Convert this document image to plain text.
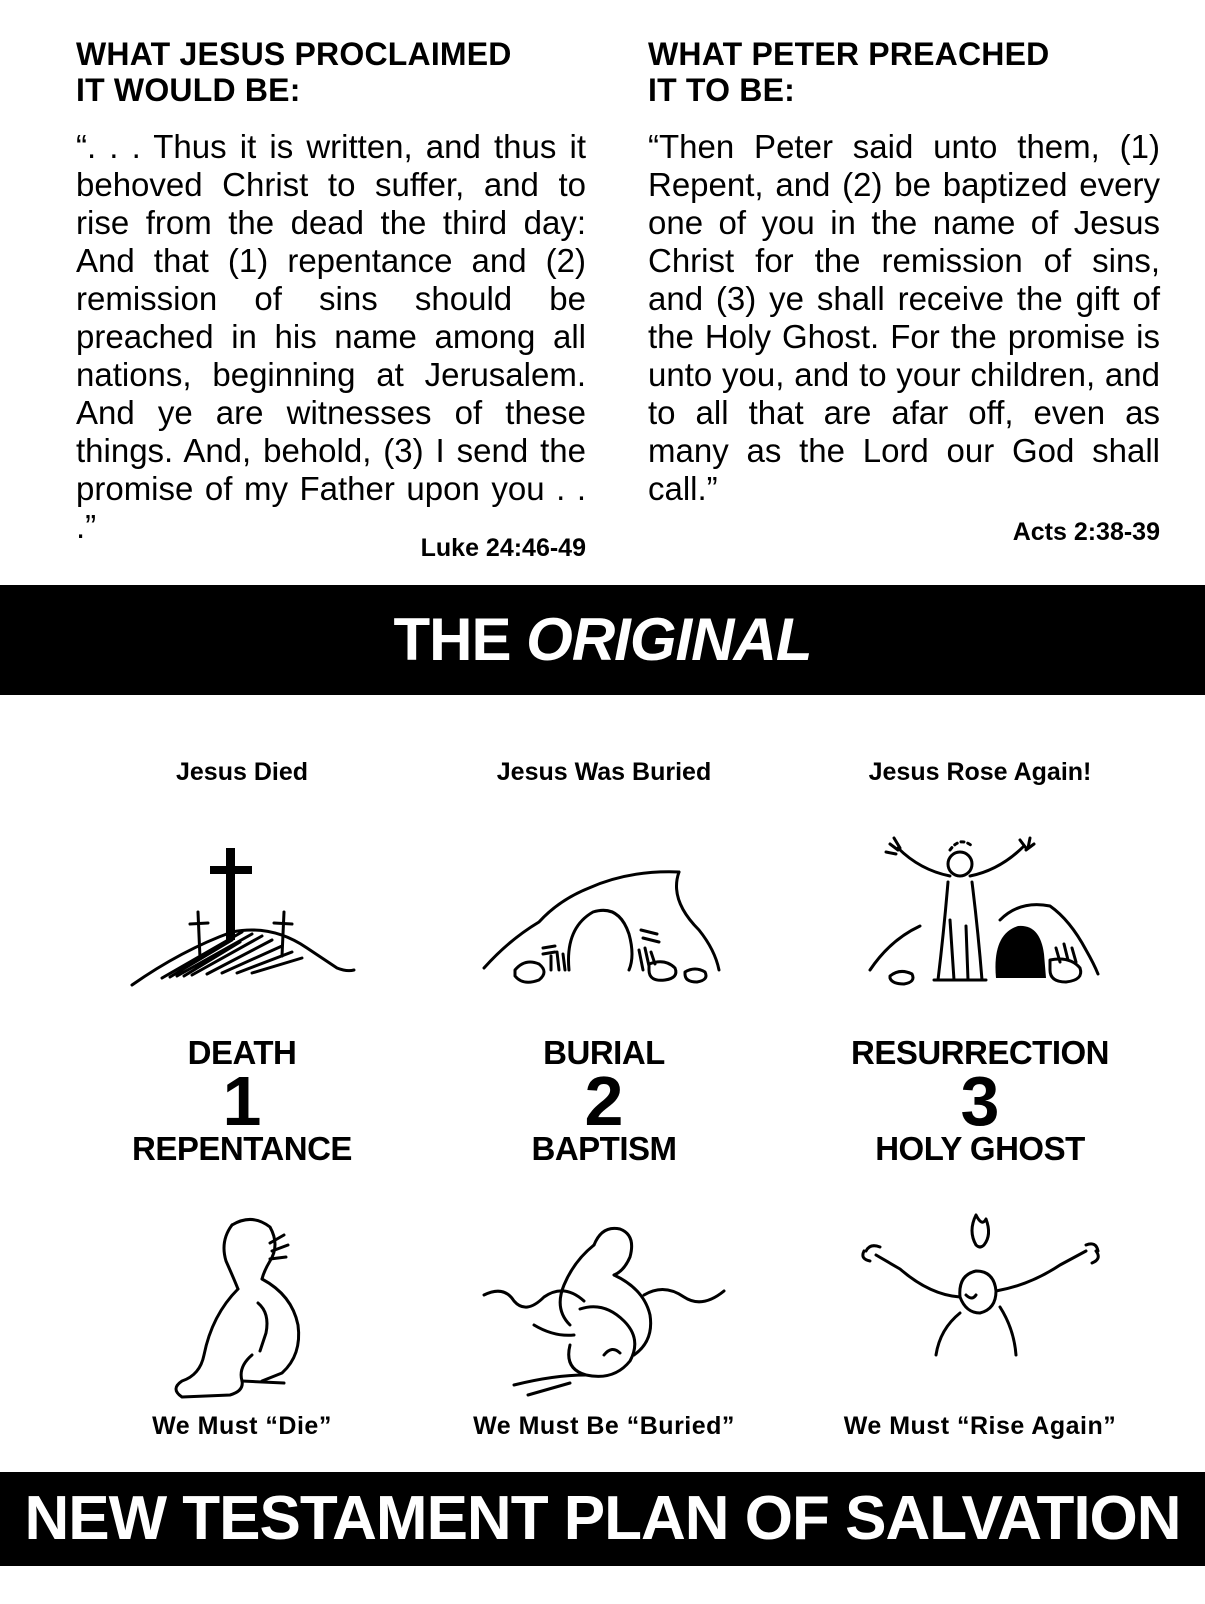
WHAT JESUS PROCLAIMED
IT WOULD BE:
“. . . Thus it is written, and thus it behoved Christ to suffer, and to rise from the dead the third day: And that (1) repentance and (2) remission of sins should be preached in his name among all nations, beginning at Jerusalem. And ye are witnesses of these things. And, behold, (3) I send the promise of my Father upon you . . .”
Luke 24:46-49
WHAT PETER PREACHED
IT TO BE:
“Then Peter said unto them, (1) Repent, and (2) be baptized every one of you in the name of Jesus Christ for the remission of sins, and (3) ye shall receive the gift of the Holy Ghost. For the promise is unto you, and to your children, and to all that are afar off, even as many as the Lord our God shall call.”
Acts 2:38-39
THE ORIGINAL
Jesus Died
DEATH
1
REPENTANCE
We Must “Die”
Jesus Was Buried
BURIAL
2
BAPTISM
We Must Be “Buried”
Jesus Rose Again!
RESURRECTION
3
HOLY GHOST
We Must “Rise Again”
NEW TESTAMENT PLAN OF SALVATION
